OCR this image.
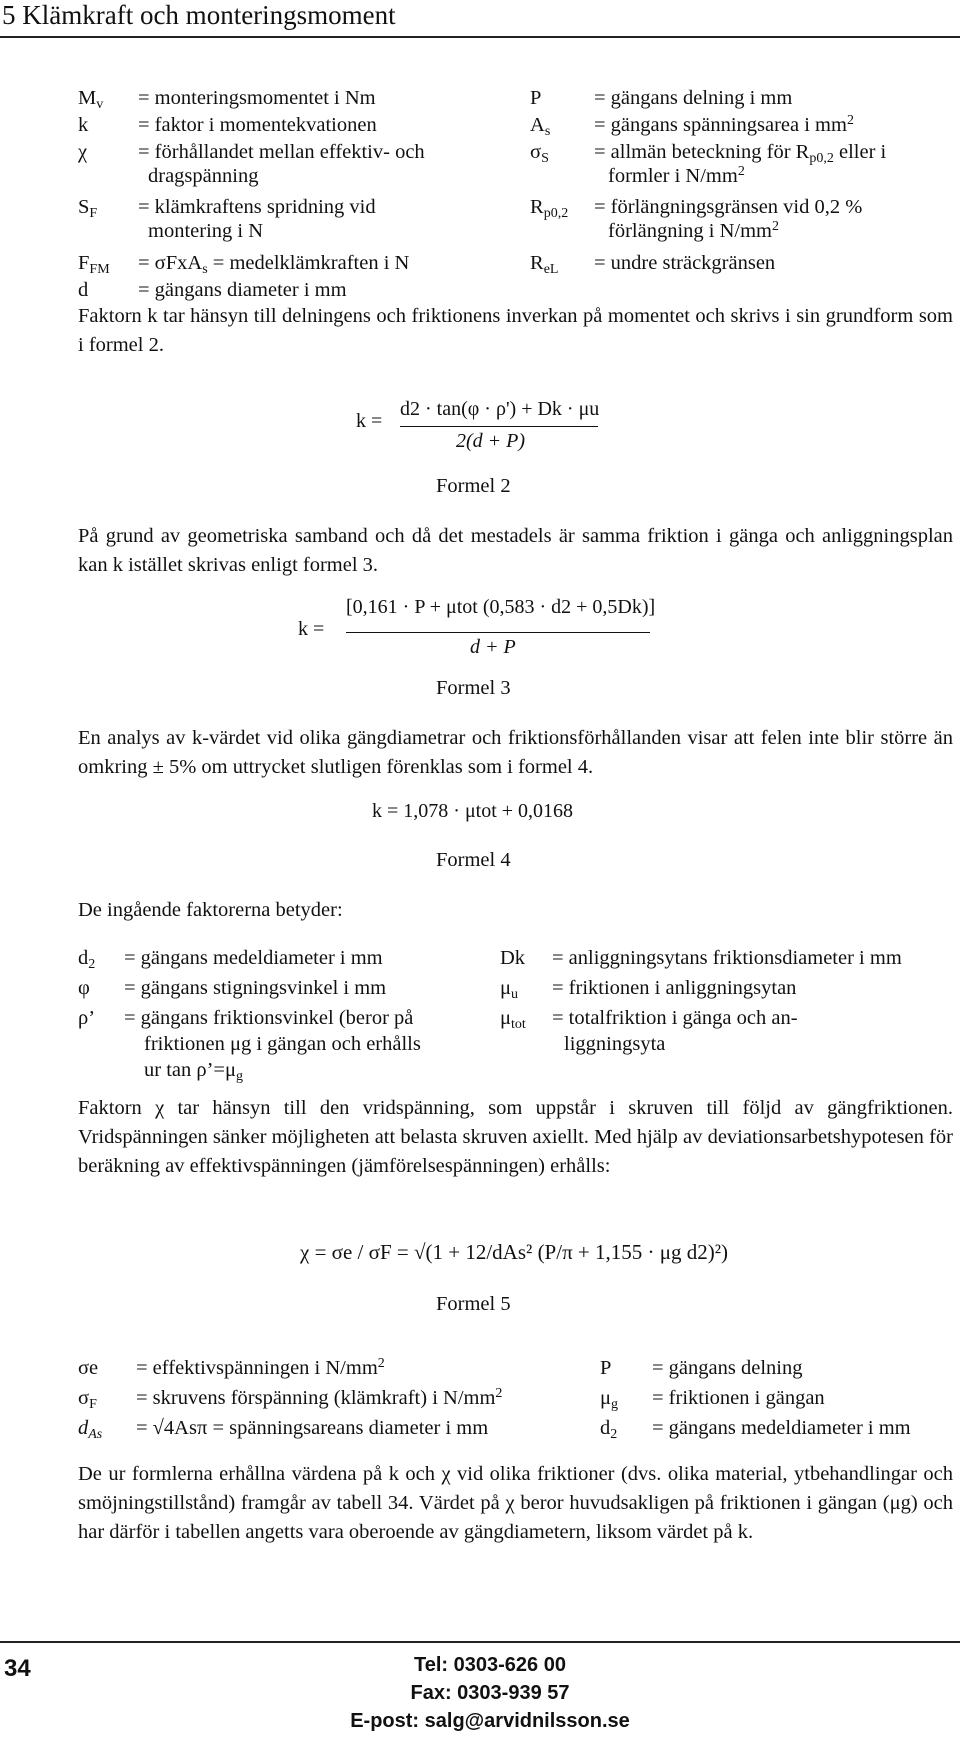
5 Klämkraft och monteringsmoment
$M_v$ = monteringsmomentet i Nm
k = faktor i momentekvationen
χ = förhållandet mellan effektiv- och
dragspänning
$S_F$ = klämkraftens spridning vid
montering i N
$F_{FM} = \sigma FxA_s$ = medelklämkraften i N
d = gängans diameter i mm
P	= gängans delning i mm
$A_s$ = gängans spänningsarea i $mm^2$
$\sigma_S$ = allmän beteckning för $R_{p0,2}$ eller i
formler i $N/mm^2$
$R_{p0,2}$ = förlängningsgränsen vid 0,2 %
förlängning i $N/mm^2$
$R_{eL}$ = undre sträckgränsen
Faktorn k tar hänsyn till delningens och friktionens inverkan på momentet och skrivs i sin grundform som i formel 2.
k =
d2 · tan(φ · ρ') + Dk · μu
2(d + P)
Formel 2
På grund av geometriska samband och då det mestadels är samma friktion i gänga och anliggningsplan kan k istället skrivas enligt formel 3.
k =
[0,161 · P + μtot (0,583 · d2 + 0,5Dk)]
d + P
Formel 3
En analys av k-värdet vid olika gängdiametrar och friktionsförhållanden visar att felen inte blir större än omkring ± 5% om uttrycket slutligen förenklas som i formel 4.
k = 1,078 · μtot + 0,0168
Formel 4
De ingående faktorerna betyder:
$d_2$ = gängans medeldiameter i mm
φ = gängans stigningsvinkel i mm
ρ’ = gängans friktionsvinkel (beror på
friktionen μg i gängan och erhålls
ur $\tan \rho’=\mu_g$
Dk = anliggningsytans friktionsdiameter i mm
$\mu_u$ = friktionen i anliggningsytan
$\mu_{tot}$ = totalfriktion i gänga och an-
liggningsyta
Faktorn χ tar hänsyn till den vridspänning, som uppstår i skruven till följd av gängfriktionen. Vridspänningen sänker möjligheten att belasta skruven axiellt. Med hjälp av deviationsarbetshypotesen för beräkning av effektivspänningen (jämförelsespänningen) erhålls:
χ = σe / σF = √(1 + 12/dAs² (P/π + 1,155 · μg d2)²)
Formel 5
σe = effektivspänningen i $N/mm^2$
$\sigma_F$ = skruvens förspänning (klämkraft) i $N/mm^2$
$d_{As} = √4As\pi$ = spänningsareans diameter i mm
P = gängans delning
$\mu_g$ = friktionen i gängan
$d_2$ = gängans medeldiameter i mm
De ur formlerna erhållna värdena på k och χ vid olika friktioner (dvs. olika material, ytbehandlingar och smöjningstillstånd) framgår av tabell 34. Värdet på χ beror huvudsakligen på friktionen i gängan (μg) och har därför i tabellen angetts vara oberoende av gängdiametern, liksom värdet på k.
34	Tel: 0303-626 00
Fax: 0303-939 57
E-post: salg@arvidnilsson.se
